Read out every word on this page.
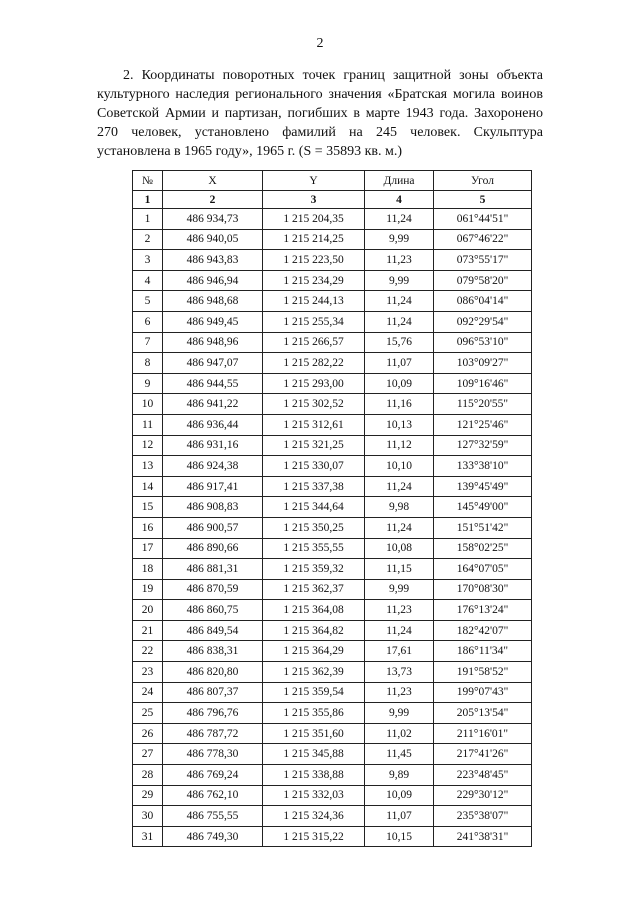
2

2. Координаты поворотных точек границ защитной зоны объекта культурного наследия регионального значения «Братская могила воинов Советской Армии и партизан, погибших в марте 1943 года. Захоронено 270 человек, установлено фамилий на 245 человек. Скульптура установлена в 1965 году», 1965 г. (S = 35893 кв. м.)

№	X	Y	Длина	Угол
1	2	3	4	5
1	486 934,73	1 215 204,35	11,24	061°44'51"
2	486 940,05	1 215 214,25	9,99	067°46'22"
3	486 943,83	1 215 223,50	11,23	073°55'17"
4	486 946,94	1 215 234,29	9,99	079°58'20"
5	486 948,68	1 215 244,13	11,24	086°04'14"
6	486 949,45	1 215 255,34	11,24	092°29'54"
7	486 948,96	1 215 266,57	15,76	096°53'10"
8	486 947,07	1 215 282,22	11,07	103°09'27"
9	486 944,55	1 215 293,00	10,09	109°16'46"
10	486 941,22	1 215 302,52	11,16	115°20'55"
11	486 936,44	1 215 312,61	10,13	121°25'46"
12	486 931,16	1 215 321,25	11,12	127°32'59"
13	486 924,38	1 215 330,07	10,10	133°38'10"
14	486 917,41	1 215 337,38	11,24	139°45'49"
15	486 908,83	1 215 344,64	9,98	145°49'00"
16	486 900,57	1 215 350,25	11,24	151°51'42"
17	486 890,66	1 215 355,55	10,08	158°02'25"
18	486 881,31	1 215 359,32	11,15	164°07'05"
19	486 870,59	1 215 362,37	9,99	170°08'30"
20	486 860,75	1 215 364,08	11,23	176°13'24"
21	486 849,54	1 215 364,82	11,24	182°42'07"
22	486 838,31	1 215 364,29	17,61	186°11'34"
23	486 820,80	1 215 362,39	13,73	191°58'52"
24	486 807,37	1 215 359,54	11,23	199°07'43"
25	486 796,76	1 215 355,86	9,99	205°13'54"
26	486 787,72	1 215 351,60	11,02	211°16'01"
27	486 778,30	1 215 345,88	11,45	217°41'26"
28	486 769,24	1 215 338,88	9,89	223°48'45"
29	486 762,10	1 215 332,03	10,09	229°30'12"
30	486 755,55	1 215 324,36	11,07	235°38'07"
31	486 749,30	1 215 315,22	10,15	241°38'31"
